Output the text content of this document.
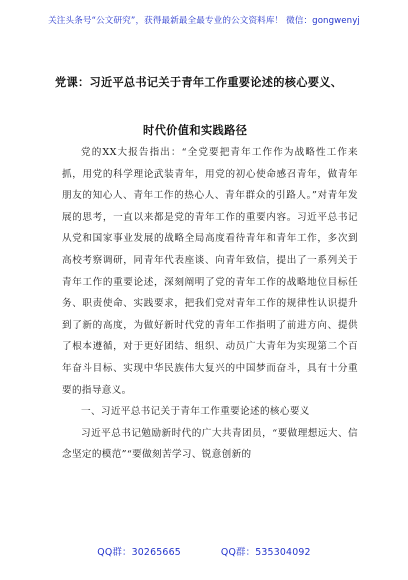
关注头条号“公文研究”，获得最新最全最专业的公文资料库！ 微信：gongwenyj
党课：习近平总书记关于青年工作重要论述的核心要义、
时代价值和实践路径

党的XX大报告指出：“全党要把青年工作作为战略性工作来抓，用党的科学理论武装青年，用党的初心使命感召青年，做青年朋友的知心人、青年工作的热心人、青年群众的引路人。”对青年发展的思考，一直以来都是党的青年工作的重要内容。习近平总书记从党和国家事业发展的战略全局高度看待青年和青年工作，多次到高校考察调研，同青年代表座谈、向青年致信，提出了一系列关于青年工作的重要论述，深刻阐明了党的青年工作的战略地位目标任务、职责使命、实践要求，把我们党对青年工作的规律性认识提升到了新的高度，为做好新时代党的青年工作指明了前进方向、提供了根本遵循，对于更好团结、组织、动员广大青年为实现第二个百年奋斗目标、实现中华民族伟大复兴的中国梦而奋斗，具有十分重要的指导意义。

一、习近平总书记关于青年工作重要论述的核心要义

习近平总书记勉励新时代的广大共青团员，“要做理想远大、信念坚定的模范”“要做刻苦学习、锐意创新的

QQ群：30265665	QQ群：535304092
